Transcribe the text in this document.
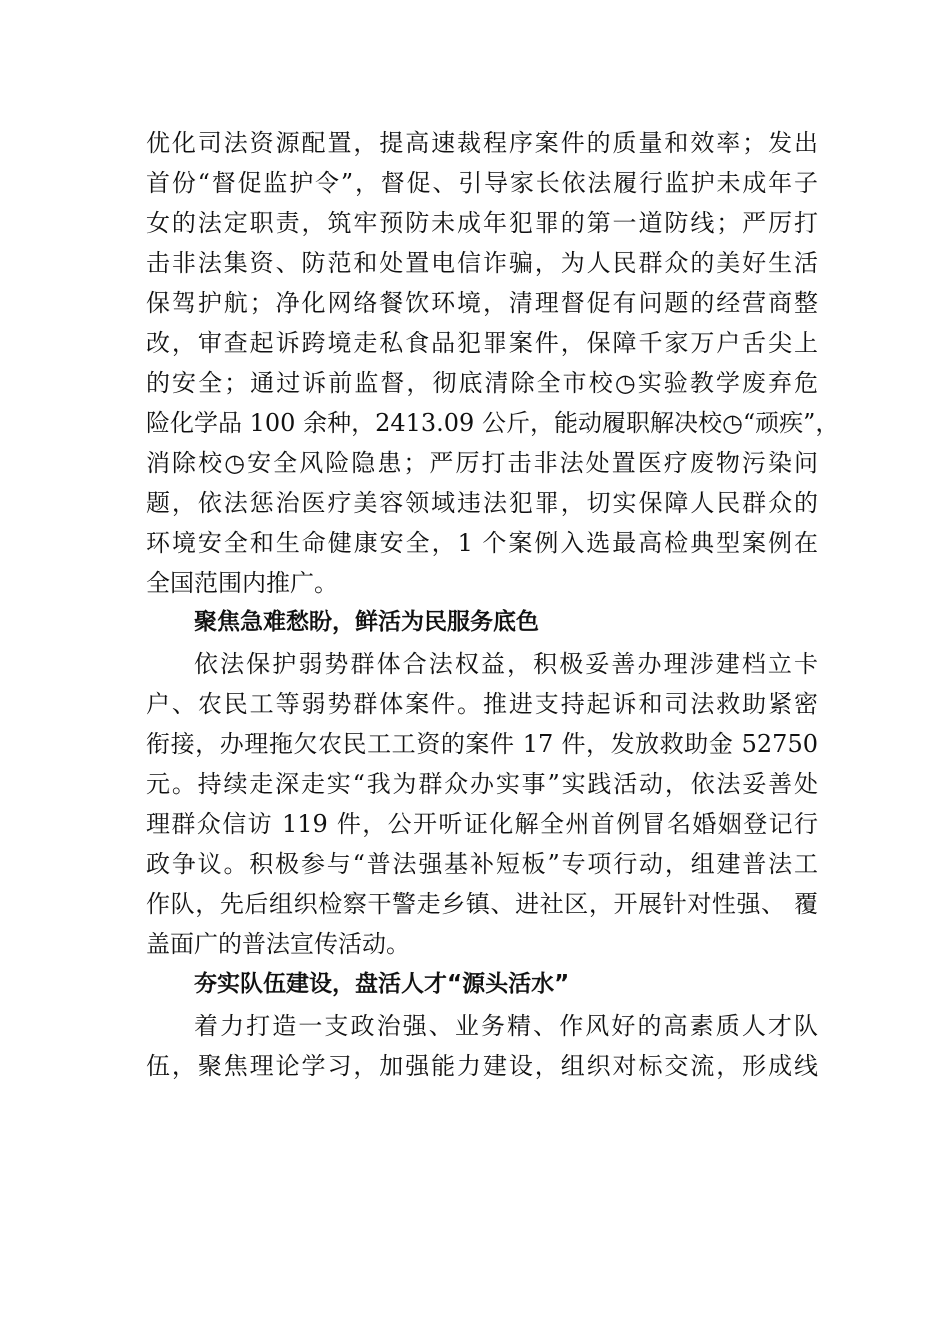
优化司法资源配置，提高速裁程序案件的质量和效率；发出
首份“督促监护令”，督促、引导家长依法履行监护未成年子
女的法定职责，筑牢预防未成年犯罪的第一道防线；严厉打
击非法集资、防范和处置电信诈骗，为人民群众的美好生活
保驾护航；净化网络餐饮环境，清理督促有问题的经营商整
改，审查起诉跨境走私食品犯罪案件，保障千家万户舌尖上
的安全；通过诉前监督，彻底清除全市校◷实验教学废弃危
险化学品 100 余种，2413.09 公斤，能动履职解决校◷“顽疾”，
消除校◷安全风险隐患；严厉打击非法处置医疗废物污染问
题，依法惩治医疗美容领域违法犯罪，切实保障人民群众的
环境安全和生命健康安全，1 个案例入选最高检典型案例在
全国范围内推广。
聚焦急难愁盼，鲜活为民服务底色
依法保护弱势群体合法权益，积极妥善办理涉建档立卡
户、农民工等弱势群体案件。推进支持起诉和司法救助紧密
衔接，办理拖欠农民工工资的案件 17 件，发放救助金 52750
元。持续走深走实“我为群众办实事”实践活动，依法妥善处
理群众信访 119 件，公开听证化解全州首例冒名婚姻登记行
政争议。积极参与“普法强基补短板”专项行动，组建普法工
作队，先后组织检察干警走乡镇、进社区，开展针对性强、 覆
盖面广的普法宣传活动。
夯实队伍建设，盘活人才“源头活水”
着力打造一支政治强、业务精、作风好的高素质人才队
伍，聚焦理论学习，加强能力建设，组织对标交流，形成线
